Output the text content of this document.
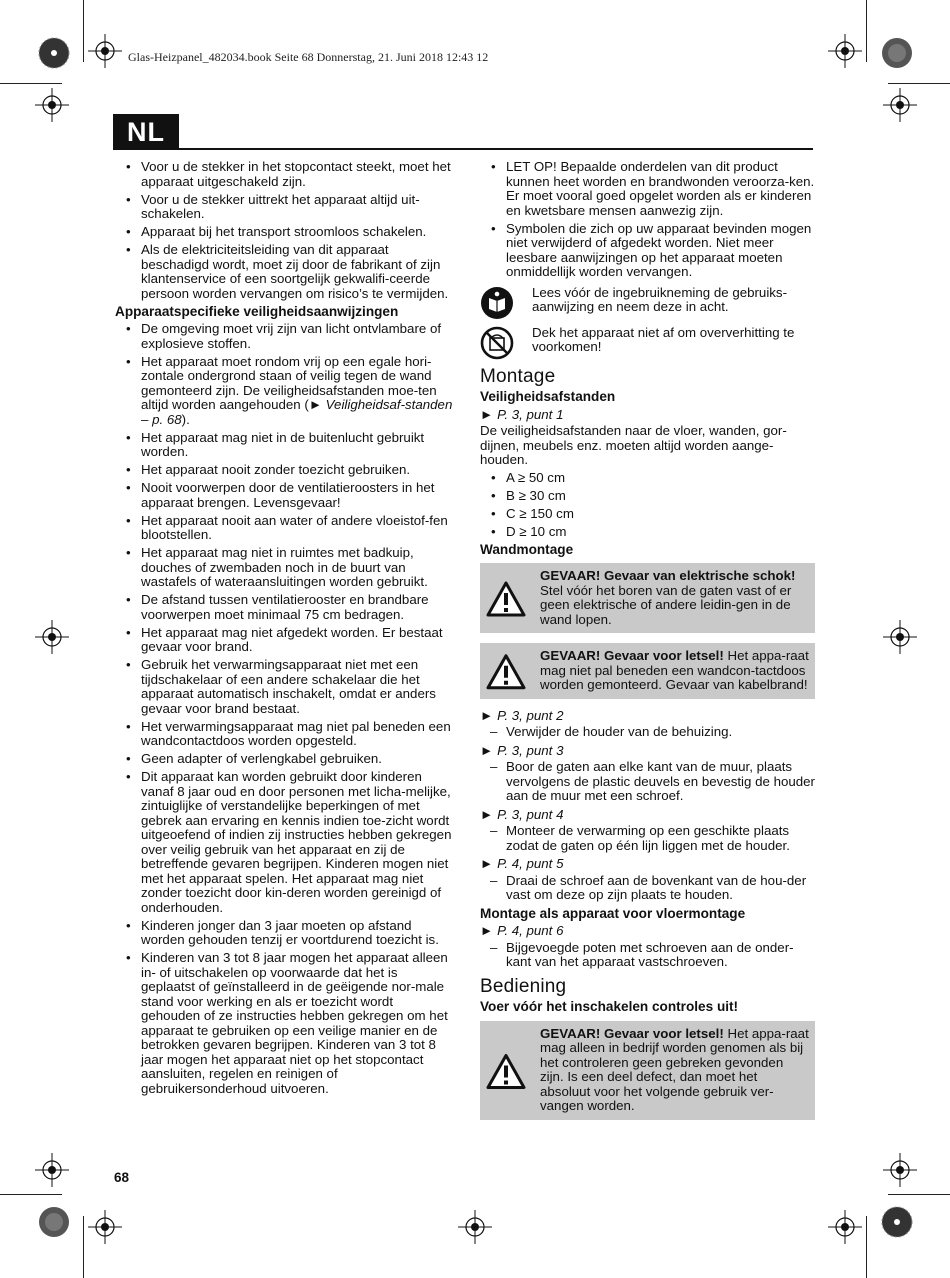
Glas-Heizpanel_482034.book Seite 68 Donnerstag, 21. Juni 2018 12:43 12
NL
• Voor u de stekker in het stopcontact steekt, moet het apparaat uitgeschakeld zijn.
• Voor u de stekker uittrekt het apparaat altijd uit-schakelen.
• Apparaat bij het transport stroomloos schakelen.
• Als de elektriciteitsleiding van dit apparaat beschadigd wordt, moet zij door de fabrikant of zijn klantenservice of een soortgelijk gekwalifi-ceerde persoon worden vervangen om risico’s te vermijden.
Apparaatspecifieke veiligheidsaanwijzingen
• De omgeving moet vrij zijn van licht ontvlambare of explosieve stoffen.
• Het apparaat moet rondom vrij op een egale hori-zontale ondergrond staan of veilig tegen de wand gemonteerd zijn. De veiligheidsafstanden moe-ten altijd worden aangehouden (► Veiligheidsaf-standen – p. 68).
• Het apparaat mag niet in de buitenlucht gebruikt worden.
• Het apparaat nooit zonder toezicht gebruiken.
• Nooit voorwerpen door de ventilatieroosters in het apparaat brengen. Levensgevaar!
• Het apparaat nooit aan water of andere vloeistof-fen blootstellen.
• Het apparaat mag niet in ruimtes met badkuip, douches of zwembaden noch in de buurt van wastafels of wateraansluitingen worden gebruikt.
• De afstand tussen ventilatierooster en brandbare voorwerpen moet minimaal 75 cm bedragen.
• Het apparaat mag niet afgedekt worden. Er bestaat gevaar voor brand.
• Gebruik het verwarmingsapparaat niet met een tijdschakelaar of een andere schakelaar die het apparaat automatisch inschakelt, omdat er anders gevaar voor brand bestaat.
• Het verwarmingsapparaat mag niet pal beneden een wandcontactdoos worden opgesteld.
• Geen adapter of verlengkabel gebruiken.
• Dit apparaat kan worden gebruikt door kinderen vanaf 8 jaar oud en door personen met licha-melijke, zintuiglijke of verstandelijke beperkingen of met gebrek aan ervaring en kennis indien toe-zicht wordt uitgeoefend of indien zij instructies hebben gekregen over veilig gebruik van het apparaat en zij de betreffende gevaren begrijpen. Kinderen mogen niet met het apparaat spelen. Het apparaat mag niet zonder toezicht door kin-deren worden gereinigd of onderhouden.
• Kinderen jonger dan 3 jaar moeten op afstand worden gehouden tenzij er voortdurend toezicht is.
• Kinderen van 3 tot 8 jaar mogen het apparaat alleen in- of uitschakelen op voorwaarde dat het is geplaatst of geïnstalleerd in de geëigende nor-male stand voor werking en als er toezicht wordt gehouden of ze instructies hebben gekregen om het apparaat te gebruiken op een veilige manier en de betrokken gevaren begrijpen. Kinderen van 3 tot 8 jaar mogen het apparaat niet op het stopcontact aansluiten, regelen en reinigen of gebruikersonderhoud uitvoeren.
• LET OP! Bepaalde onderdelen van dit product kunnen heet worden en brandwonden veroorza-ken. Er moet vooral goed opgelet worden als er kinderen en kwetsbare mensen aanwezig zijn.
• Symbolen die zich op uw apparaat bevinden mogen niet verwijderd of afgedekt worden. Niet meer leesbare aanwijzingen op het apparaat moeten onmiddellijk worden vervangen.
Lees vóór de ingebruikneming de gebruiks-aanwijzing en neem deze in acht.
Dek het apparaat niet af om oververhitting te voorkomen!
Montage
Veiligheidsafstanden
► P. 3, punt 1

De veiligheidsafstanden naar de vloer, wanden, gor-dijnen, meubels enz. moeten altijd worden aange-houden.

• A ≥ 50 cm
• B ≥ 30 cm
• C ≥ 150 cm
• D ≥ 10 cm
Wandmontage
GEVAAR! Gevaar van elektrische schok! Stel vóór het boren van de gaten vast of er geen elektrische of andere leidin-gen in de wand lopen.
GEVAAR! Gevaar voor letsel! Het appa-raat mag niet pal beneden een wandcon-tactdoos worden gemonteerd. Gevaar van kabelbrand!
► P. 3, punt 2
– Verwijder de houder van de behuizing.
► P. 3, punt 3
– Boor de gaten aan elke kant van de muur, plaats vervolgens de plastic deuvels en bevestig de houder aan de muur met een schroef.
► P. 3, punt 4
– Monteer de verwarming op een geschikte plaats zodat de gaten op één lijn liggen met de houder.
► P. 4, punt 5
– Draai de schroef aan de bovenkant van de hou-der vast om deze op zijn plaats te houden.
Montage als apparaat voor vloermontage
► P. 4, punt 6
– Bijgevoegde poten met schroeven aan de onder-kant van het apparaat vastschroeven.
Bediening
Voer vóór het inschakelen controles uit!
GEVAAR! Gevaar voor letsel! Het appa-raat mag alleen in bedrijf worden genomen als bij het controleren geen gebreken gevonden zijn. Is een deel defect, dan moet het absoluut voor het volgende gebruik ver-vangen worden.
68
